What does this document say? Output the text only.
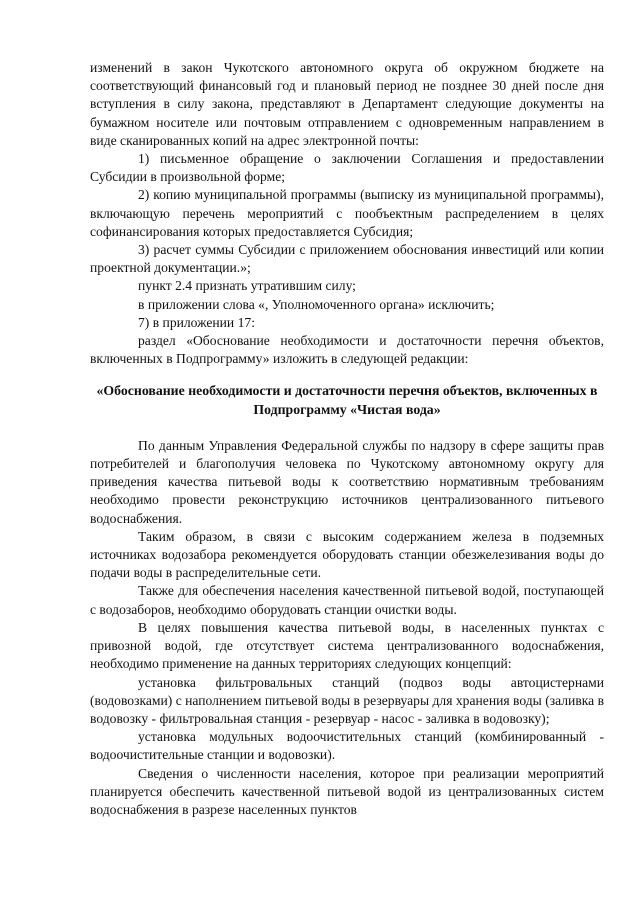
изменений в закон Чукотского автономного округа об окружном бюджете на соответствующий финансовый год и плановый период не позднее 30 дней после дня вступления в силу закона, представляют в Департамент следующие документы на бумажном носителе или почтовым отправлением с одновременным направлением в виде сканированных копий на адрес электронной почты:

1) письменное обращение о заключении Соглашения и предоставлении Субсидии в произвольной форме;

2) копию муниципальной программы (выписку из муниципальной программы), включающую перечень мероприятий с пообъектным распределением в целях софинансирования которых предоставляется Субсидия;

3) расчет суммы Субсидии с приложением обоснования инвестиций или копии проектной документации.»;

пункт 2.4 признать утратившим силу;

в приложении слова «, Уполномоченного органа» исключить;

7) в приложении 17:

раздел «Обоснование необходимости и достаточности перечня объектов, включенных в Подпрограмму» изложить в следующей редакции:

«Обоснование необходимости и достаточности перечня объектов, включенных в Подпрограмму «Чистая вода»

По данным Управления Федеральной службы по надзору в сфере защиты прав потребителей и благополучия человека по Чукотскому автономному округу для приведения качества питьевой воды к соответствию нормативным требованиям необходимо провести реконструкцию источников централизованного питьевого водоснабжения.

Таким образом, в связи с высоким содержанием железа в подземных источниках водозабора рекомендуется оборудовать станции обезжелезивания воды до подачи воды в распределительные сети.

Также для обеспечения населения качественной питьевой водой, поступающей с водозаборов, необходимо оборудовать станции очистки воды.

В целях повышения качества питьевой воды, в населенных пунктах с привозной водой, где отсутствует система централизованного водоснабжения, необходимо применение на данных территориях следующих концепций:

установка фильтровальных станций (подвоз воды автоцистернами (водовозками) с наполнением питьевой воды в резервуары для хранения воды (заливка в водовозку - фильтровальная станция - резервуар - насос - заливка в водовозку);

установка модульных водоочистительных станций (комбинированный - водоочистительные станции и водовозки).

Сведения о численности населения, которое при реализации мероприятий планируется обеспечить качественной питьевой водой из централизованных систем водоснабжения в разрезе населенных пунктов
